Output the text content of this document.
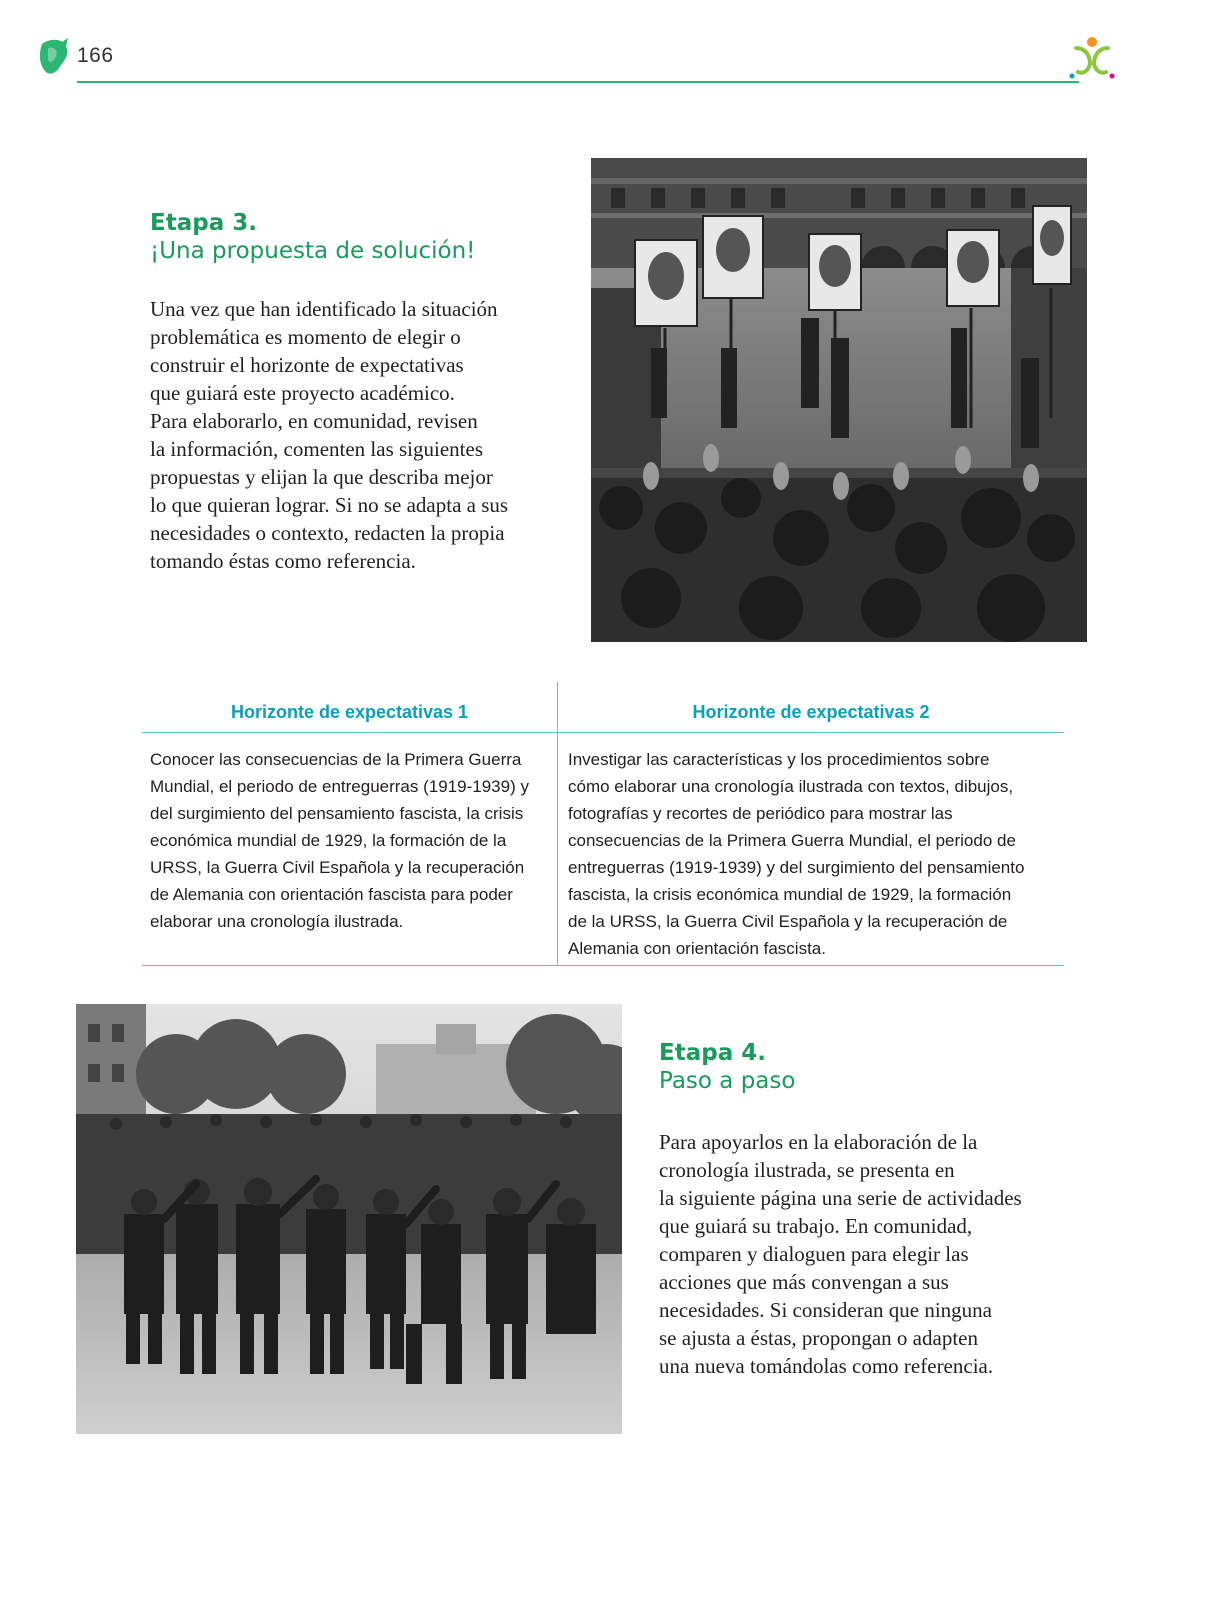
166
Etapa 3.
¡Una propuesta de solución!

Una vez que han identificado la situación

problemática es momento de elegir o

construir el horizonte de expectativas

que guiará este proyecto académico.

Para elaborarlo, en comunidad, revisen

la información, comenten las siguientes

propuestas y elijan la que describa mejor

lo que quieran lograr. Si no se adapta a sus

necesidades o contexto, redacten la propia

tomando éstas como referencia.

Horizonte de expectativas 1	Horizonte de expectativas 2
Conocer las consecuencias de la Primera Guerra
Mundial, el periodo de entreguerras (1919-1939) y
del surgimiento del pensamiento fascista, la crisis
económica mundial de 1929, la formación de la
URSS, la Guerra Civil Española y la recuperación
de Alemania con orientación fascista para poder
elaborar una cronología ilustrada.
Investigar las características y los procedimientos sobre
cómo elaborar una cronología ilustrada con textos, dibujos,
fotografías y recortes de periódico para mostrar las
consecuencias de la Primera Guerra Mundial, el periodo de
entreguerras (1919-1939) y del surgimiento del pensamiento
fascista, la crisis económica mundial de 1929, la formación
de la URSS, la Guerra Civil Española y la recuperación de
Alemania con orientación fascista.
Etapa 4.
Paso a paso

Para apoyarlos en la elaboración de la

cronología ilustrada, se presenta en

la siguiente página una serie de actividades

que guiará su trabajo. En comunidad,

comparen y dialoguen para elegir las

acciones que más convengan a sus

necesidades. Si consideran que ninguna

se ajusta a éstas, propongan o adapten

una nueva tomándolas como referencia.
